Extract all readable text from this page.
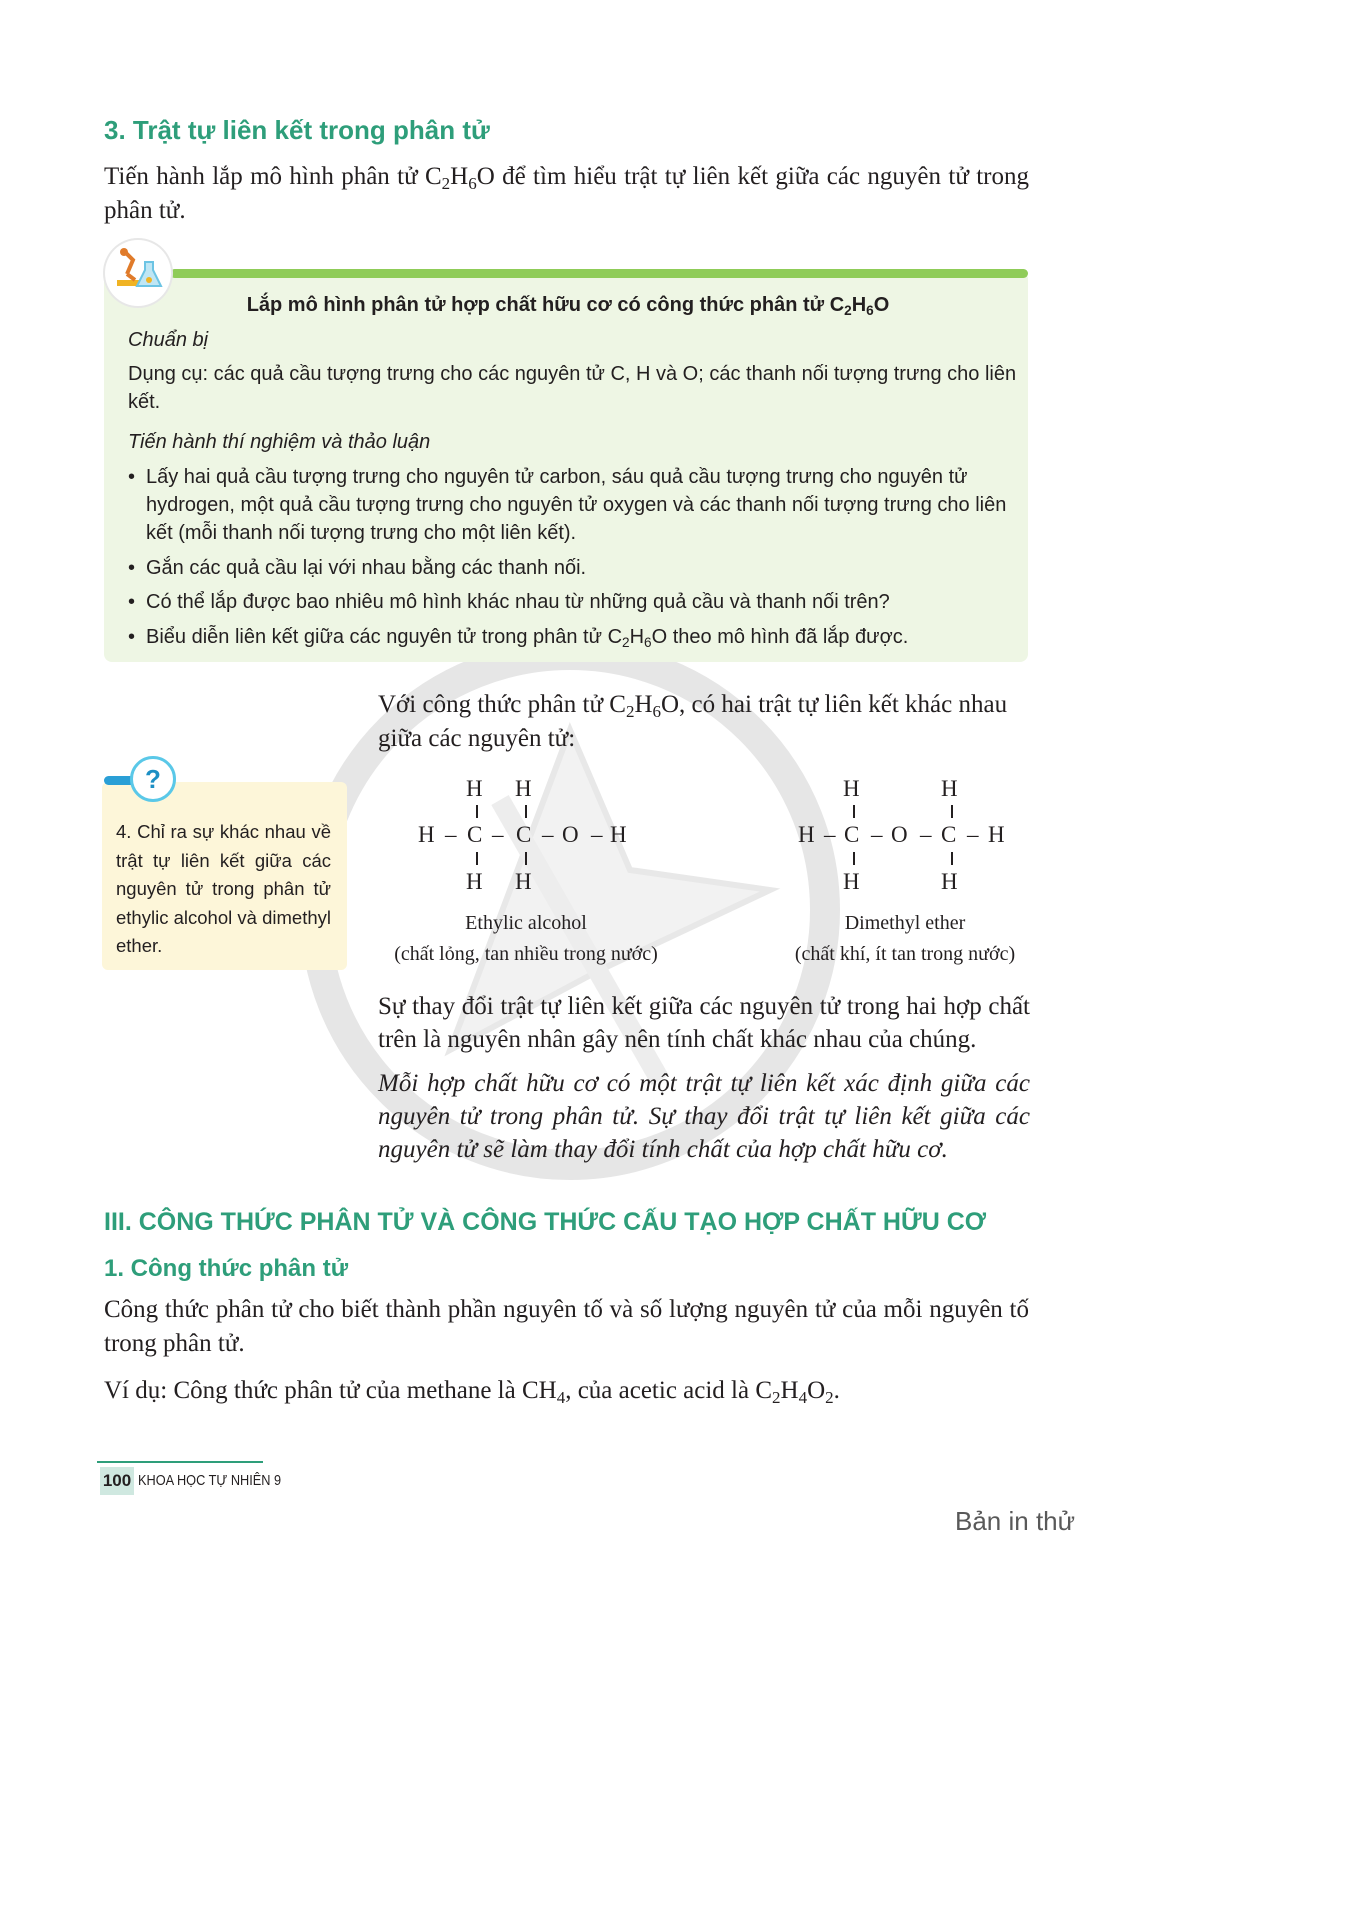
3. Trật tự liên kết trong phân tử
Tiến hành lắp mô hình phân tử $C_2H_6O$ để tìm hiểu trật tự liên kết giữa các nguyên tử trong phân tử.
Lắp mô hình phân tử hợp chất hữu cơ có công thức phân tử $C_2H_6O$
Chuẩn bị
Dụng cụ: các quả cầu tượng trưng cho các nguyên tử C, H và O; các thanh nối tượng trưng cho liên kết.
Tiến hành thí nghiệm và thảo luận
• Lấy hai quả cầu tượng trưng cho nguyên tử carbon, sáu quả cầu tượng trưng cho nguyên tử hydrogen, một quả cầu tượng trưng cho nguyên tử oxygen và các thanh nối tượng trưng cho liên kết (mỗi thanh nối tượng trưng cho một liên kết).
• Gắn các quả cầu lại với nhau bằng các thanh nối.
• Có thể lắp được bao nhiêu mô hình khác nhau từ những quả cầu và thanh nối trên?
• Biểu diễn liên kết giữa các nguyên tử trong phân tử $C_2H_6O$ theo mô hình đã lắp được.
Với công thức phân tử $C_2H_6O$, có hai trật tự liên kết khác nhau giữa các nguyên tử:
?
4. Chỉ ra sự khác nhau về trật tự liên kết giữa các nguyên tử trong phân tử ethylic alcohol và dimethyl ether.
H H
H – C – C – O – H
H H
Ethylic alcohol
(chất lỏng, tan nhiều trong nước)
H	H
H – C – O – C – H
H	H
Dimethyl ether
(chất khí, ít tan trong nước)
Sự thay đổi trật tự liên kết giữa các nguyên tử trong hai hợp chất trên là nguyên nhân gây nên tính chất khác nhau của chúng.
Mỗi hợp chất hữu cơ có một trật tự liên kết xác định giữa các nguyên tử trong phân tử. Sự thay đổi trật tự liên kết giữa các nguyên tử sẽ làm thay đổi tính chất của hợp chất hữu cơ.
III. CÔNG THỨC PHÂN TỬ VÀ CÔNG THỨC CẤU TẠO HỢP CHẤT HỮU CƠ
1. Công thức phân tử
Công thức phân tử cho biết thành phần nguyên tố và số lượng nguyên tử của mỗi nguyên tố trong phân tử.
Ví dụ: Công thức phân tử của methane là $CH_4$, của acetic acid là $C_2H_4O_2$.
100 KHOA HỌC TỰ NHIÊN 9
Bản in thử
